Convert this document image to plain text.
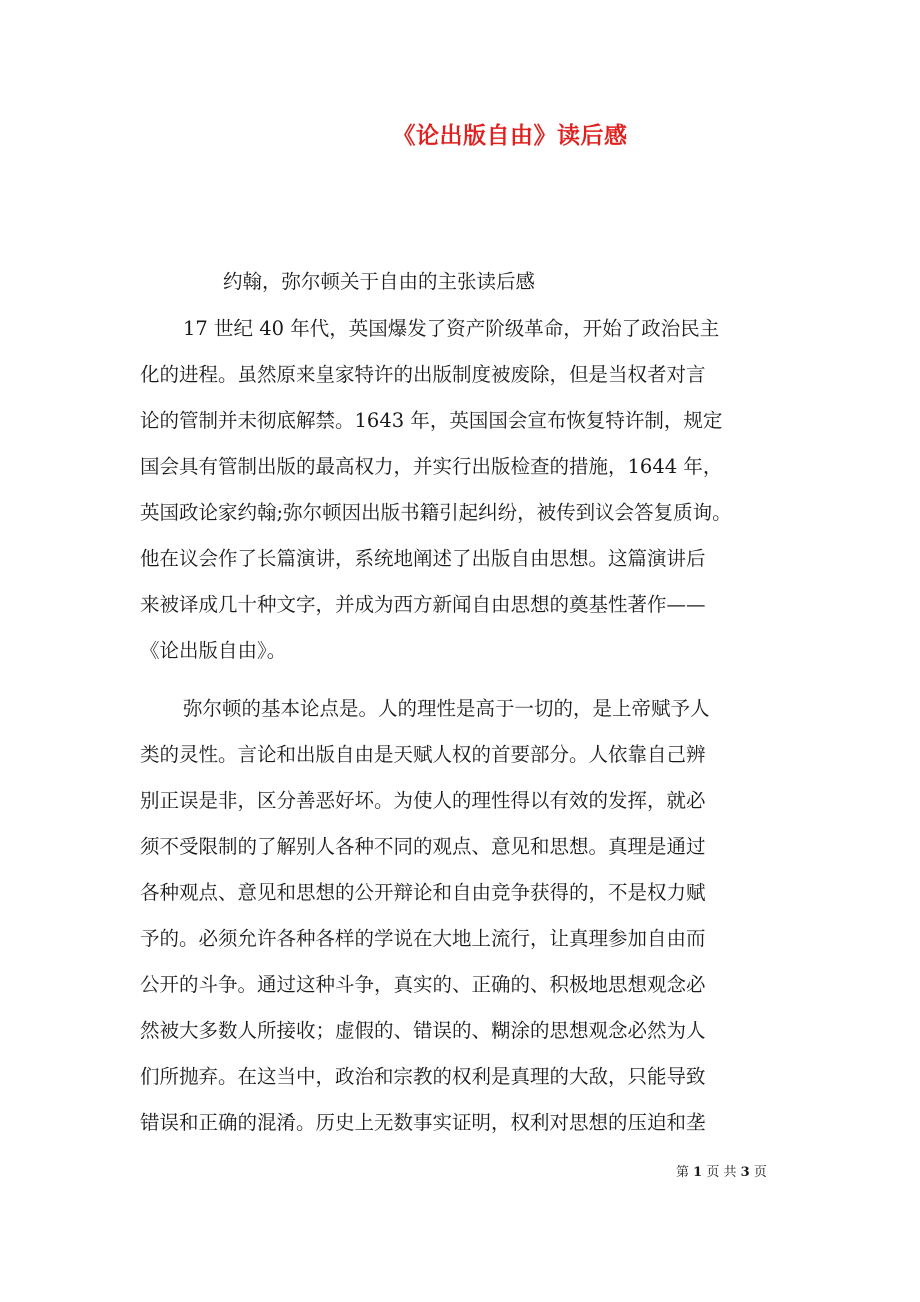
《论出版自由》读后感
约翰，弥尔顿关于自由的主张读后感
17 世纪 40 年代，英国爆发了资产阶级革命，开始了政治民主
化的进程。虽然原来皇家特许的出版制度被废除，但是当权者对言
论的管制并未彻底解禁。1643 年，英国国会宣布恢复特许制，规定
国会具有管制出版的最高权力，并实行出版检查的措施，1644 年，
英国政论家约翰;弥尔顿因出版书籍引起纠纷，被传到议会答复质询。
他在议会作了长篇演讲，系统地阐述了出版自由思想。这篇演讲后
来被译成几十种文字，并成为西方新闻自由思想的奠基性著作——
《论出版自由》。
弥尔顿的基本论点是。人的理性是高于一切的，是上帝赋予人
类的灵性。言论和出版自由是天赋人权的首要部分。人依靠自己辨
别正误是非，区分善恶好坏。为使人的理性得以有效的发挥，就必
须不受限制的了解别人各种不同的观点、意见和思想。真理是通过
各种观点、意见和思想的公开辩论和自由竞争获得的，不是权力赋
予的。必须允许各种各样的学说在大地上流行，让真理参加自由而
公开的斗争。通过这种斗争，真实的、正确的、积极地思想观念必
然被大多数人所接收；虚假的、错误的、糊涂的思想观念必然为人
们所抛弃。在这当中，政治和宗教的权利是真理的大敌，只能导致
错误和正确的混淆。历史上无数事实证明，权利对思想的压迫和垄
第 1 页 共 3 页
